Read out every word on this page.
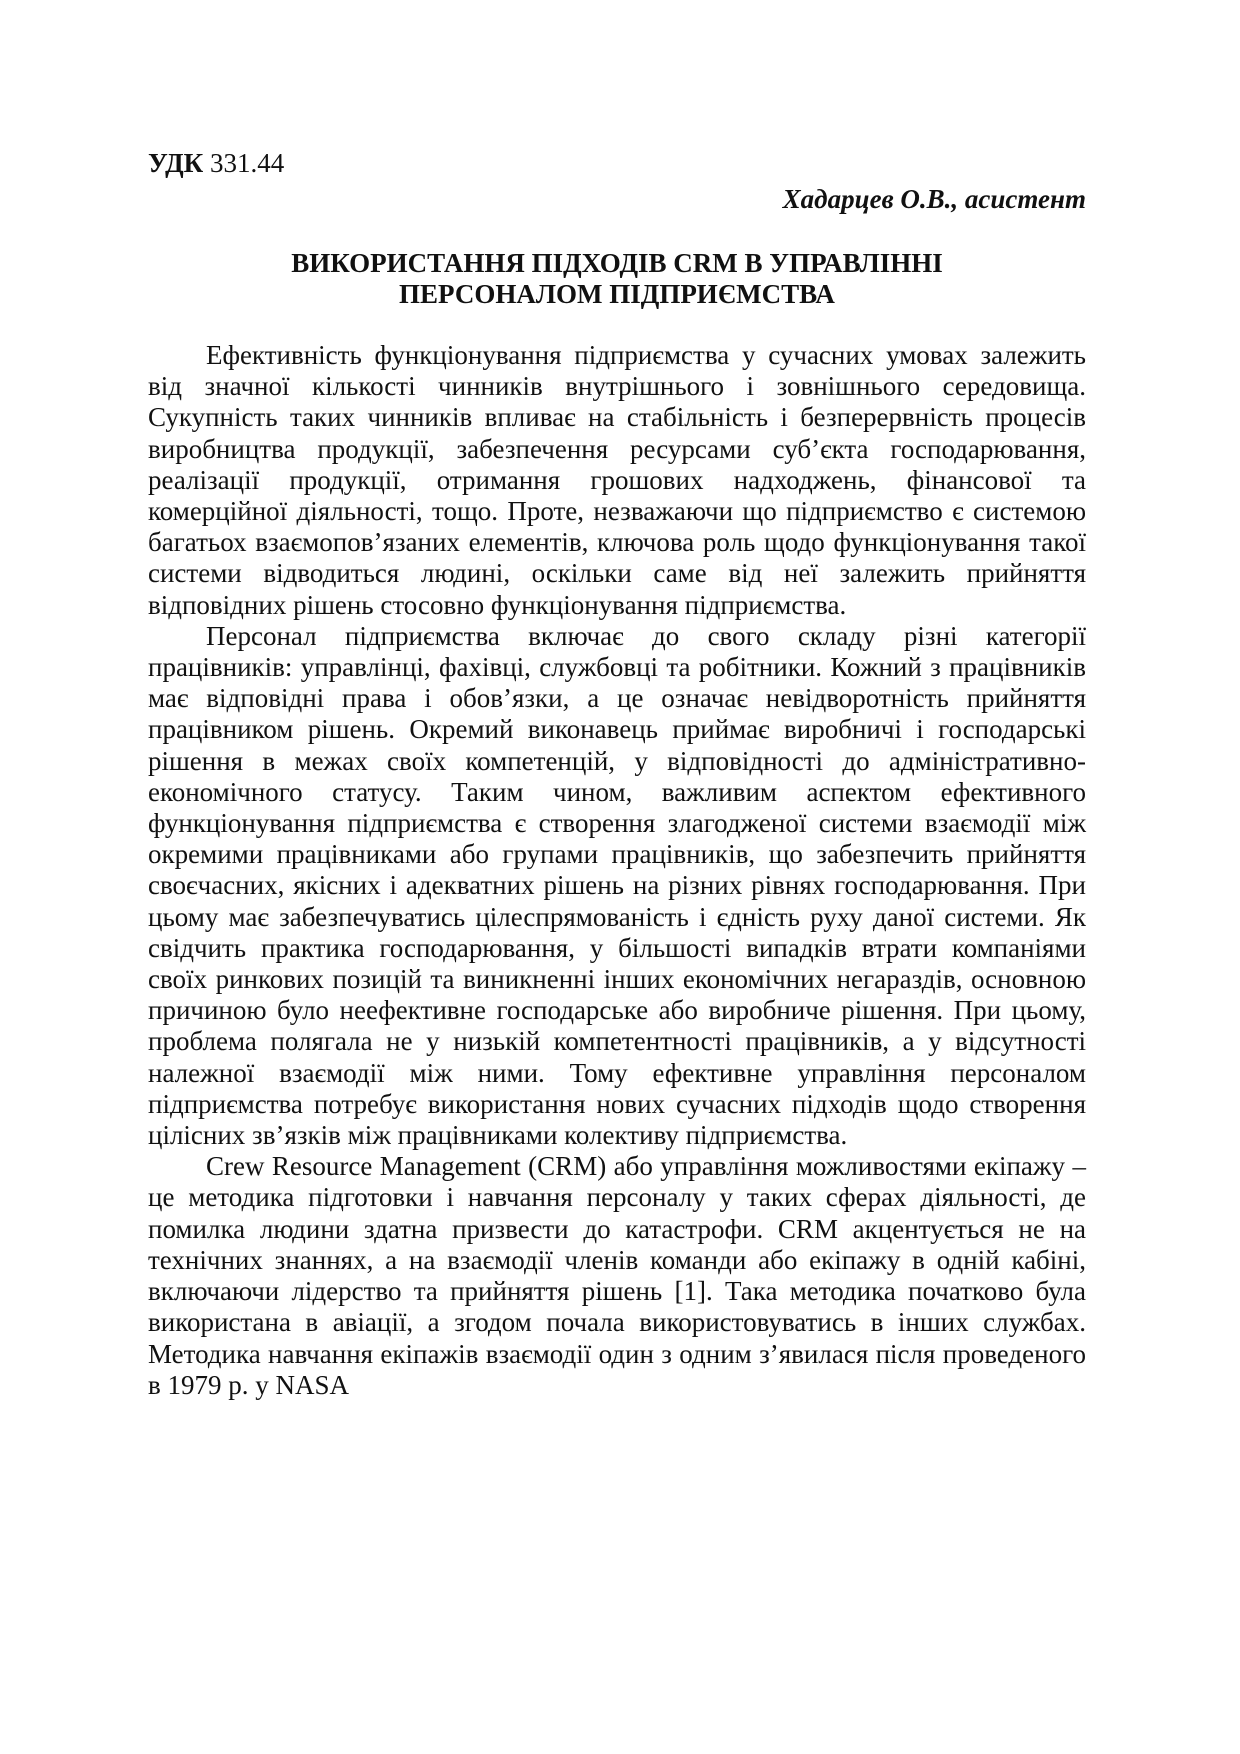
УДК 331.44

Хадарцев О.В., асистент

ВИКОРИСТАННЯ ПІДХОДІВ CRM В УПРАВЛІННІ
ПЕРСОНАЛОМ ПІДПРИЄМСТВА

Ефективність функціонування підприємства у сучасних умовах залежить від значної кількості чинників внутрішнього і зовнішнього середовища. Сукупність таких чинників впливає на стабільність і безперервність процесів виробництва продукції, забезпечення ресурсами суб’єкта господарювання, реалізації продукції, отримання грошових надходжень, фінансової та комерційної діяльності, тощо. Проте, незважаючи що підприємство є системою багатьох взаємопов’язаних елементів, ключова роль щодо функціонування такої системи відводиться людині, оскільки саме від неї залежить прийняття відповідних рішень стосовно функціонування підприємства.

Персонал підприємства включає до свого складу різні категорії працівників: управлінці, фахівці, службовці та робітники. Кожний з працівників має відповідні права і обов’язки, а це означає невідворотність прийняття працівником рішень. Окремий виконавець приймає виробничі і господарські рішення в межах своїх компетенцій, у відповідності до адміністративно-економічного статусу. Таким чином, важливим аспектом ефективного функціонування підприємства є створення злагодженої системи взаємодії між окремими працівниками або групами працівників, що забезпечить прийняття своєчасних, якісних і адекватних рішень на різних рівнях господарювання. При цьому має забезпечуватись цілеспрямованість і єдність руху даної системи. Як свідчить практика господарювання, у більшості випадків втрати компаніями своїх ринкових позицій та виникненні інших економічних негараздів, основною причиною було неефективне господарське або виробниче рішення. При цьому, проблема полягала не у низькій компетентності працівників, а у відсутності належної взаємодії між ними. Тому ефективне управління персоналом підприємства потребує використання нових сучасних підходів щодо створення цілісних зв’язків між працівниками колективу підприємства.

Crew Resource Management (CRM) або управління можливостями екіпажу – це методика підготовки і навчання персоналу у таких сферах діяльності, де помилка людини здатна призвести до катастрофи. CRM акцентується не на технічних знаннях, а на взаємодії членів команди або екіпажу в одній кабіні, включаючи лідерство та прийняття рішень [1]. Така методика початково була використана в авіації, а згодом почала використовуватись в інших службах. Методика навчання екіпажів взаємодії один з одним з’явилася після проведеного в 1979 р. у NASA
